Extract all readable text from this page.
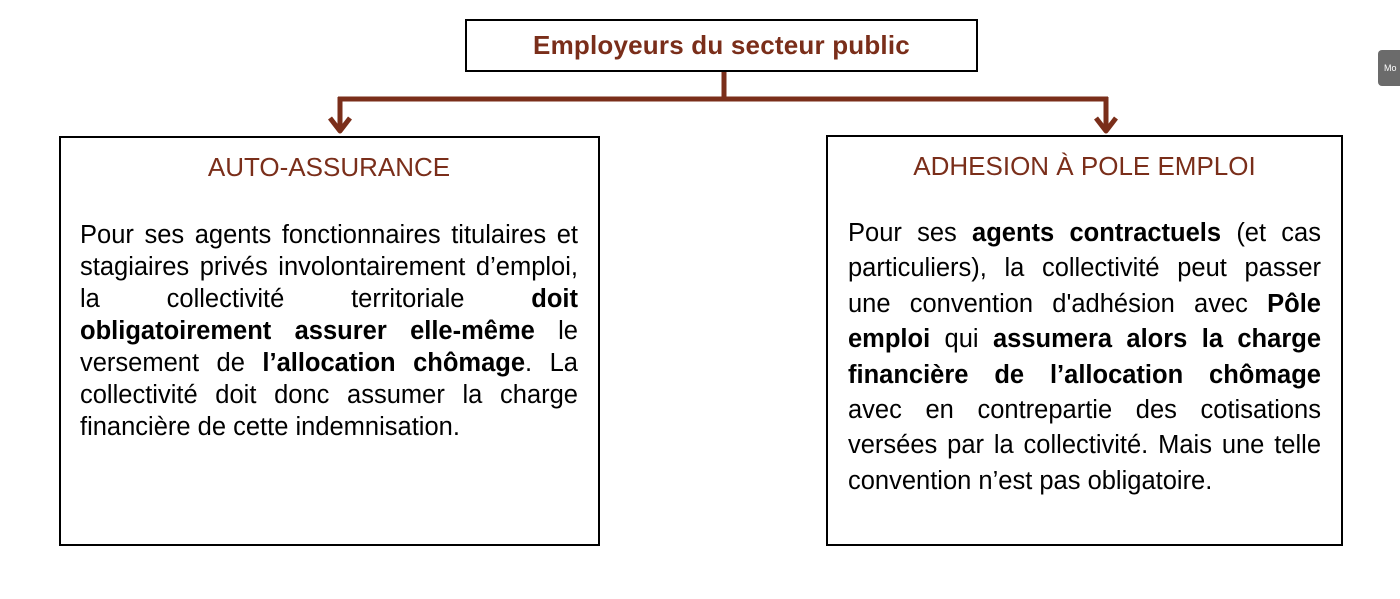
Employeurs du secteur public
AUTO-ASSURANCE

Pour ses agents fonctionnaires titulaires et stagiaires privés involontairement d’emploi, la collectivité territoriale doit obligatoirement assurer elle-même le versement de l’allocation chômage. La collectivité doit donc assumer la charge financière de cette indemnisation.

ADHESION À POLE EMPLOI

Pour ses agents contractuels (et cas particuliers), la collectivité peut passer une convention d'adhésion avec Pôle emploi qui assumera alors la charge financière de l’allocation chômage avec en contrepartie des cotisations versées par la collectivité. Mais une telle convention n’est pas obligatoire.

Mo
